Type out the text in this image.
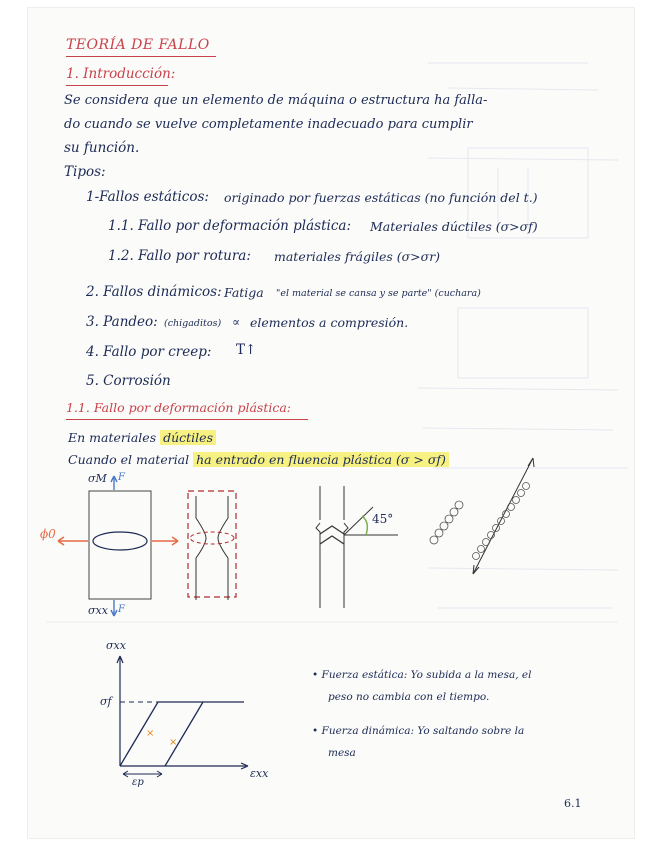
TEORÍA DE FALLO
1. Introducción:
Se considera que un elemento de máquina o estructura ha falla-
do cuando se vuelve completamente inadecuado para cumplir
su función.
Tipos:
1-Fallos estáticos: originado por fuerzas estáticas (no función del t.)
1.1. Fallo por deformación plástica: Materiales dúctiles (σ>σf)
1.2. Fallo por rotura: materiales frágiles (σ>σr)
2. Fallos dinámicos: Fatiga "el material se cansa y se parte" (cuchara)
3. Pandeo: (chigaditos) ∝ elementos a compresión.
4. Fallo por creep: T↑
5. Corrosión
1.1. Fallo por deformación plástica:
En materiales dúctiles
Cuando el material ha entrado en fluencia plástica (σ > σf)
×
×
σM F
σxx F
ϕ0
45°
σxx
σf
εxx
εp
• Fuerza estática: Yo subida a la mesa, el
peso no cambia con el tiempo.
• Fuerza dinámica: Yo saltando sobre la
mesa
6.1
